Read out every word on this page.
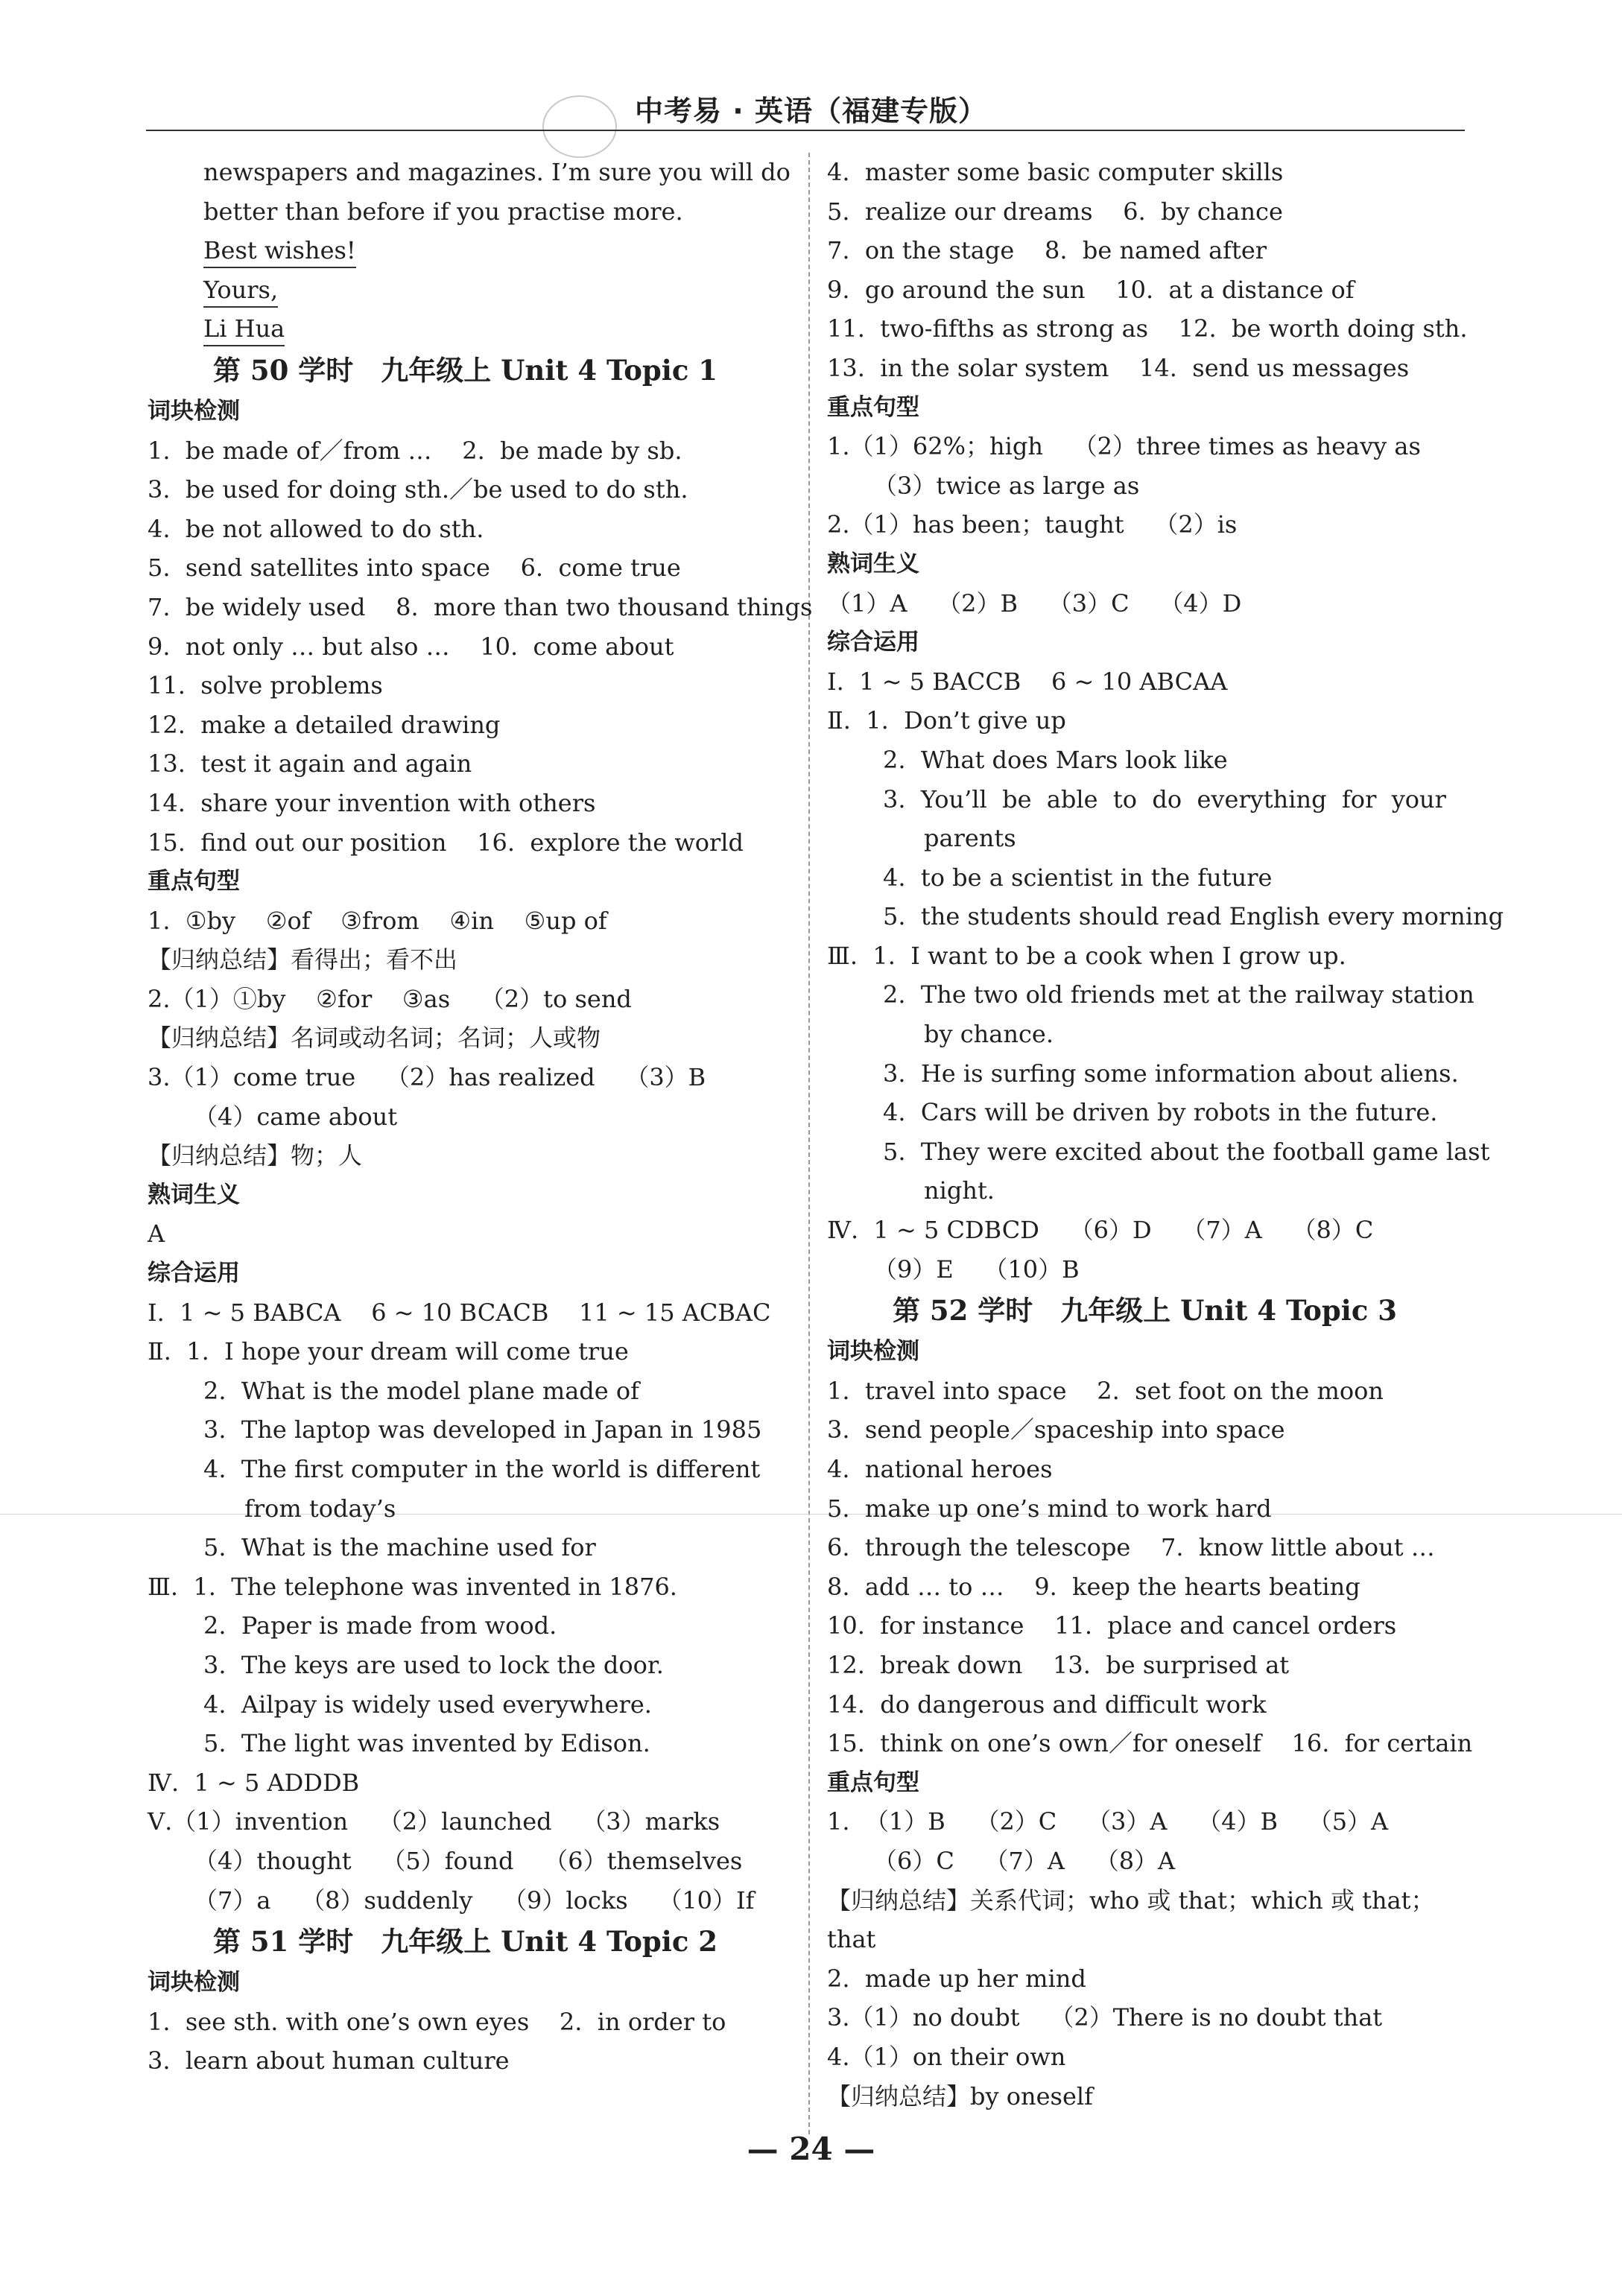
中考易 · 英语（福建专版）
newspapers and magazines. I’m sure you will do
better than before if you practise more.
Best wishes!
Yours,
Li Hua
第 50 学时　九年级上 Unit 4 Topic 1
词块检测
1.  be made of／from …    2.  be made by sb.
3.  be used for doing sth.／be used to do sth.
4.  be not allowed to do sth.
5.  send satellites into space    6.  come true
7.  be widely used    8.  more than two thousand things
9.  not only … but also …    10.  come about
11.  solve problems
12.  make a detailed drawing
13.  test it again and again
14.  share your invention with others
15.  find out our position    16.  explore the world
重点句型
1.  ①by    ②of    ③from    ④in    ⑤up of
【归纳总结】看得出；看不出
2.（1）①by    ②for    ③as    （2）to send
【归纳总结】名词或动名词；名词；人或物
3.（1）come true    （2）has realized    （3）B
（4）came about
【归纳总结】物；人
熟词生义
A
综合运用
Ⅰ.  1 ~ 5 BABCA    6 ~ 10 BCACB    11 ~ 15 ACBAC
Ⅱ.  1.  I hope your dream will come true
2.  What is the model plane made of
3.  The laptop was developed in Japan in 1985
4.  The first computer in the world is different
from today’s
5.  What is the machine used for
Ⅲ.  1.  The telephone was invented in 1876.
2.  Paper is made from wood.
3.  The keys are used to lock the door.
4.  Ailpay is widely used everywhere.
5.  The light was invented by Edison.
Ⅳ.  1 ~ 5 ADDDB
Ⅴ.（1）invention    （2）launched    （3）marks
（4）thought    （5）found    （6）themselves
（7）a    （8）suddenly    （9）locks    （10）If
第 51 学时　九年级上 Unit 4 Topic 2
词块检测
1.  see sth. with one’s own eyes    2.  in order to
3.  learn about human culture
4.  master some basic computer skills
5.  realize our dreams    6.  by chance
7.  on the stage    8.  be named after
9.  go around the sun    10.  at a distance of
11.  two-fifths as strong as    12.  be worth doing sth.
13.  in the solar system    14.  send us messages
重点句型
1.（1）62%；high    （2）three times as heavy as
（3）twice as large as
2.（1）has been；taught    （2）is
熟词生义
（1）A    （2）B    （3）C    （4）D
综合运用
Ⅰ.  1 ~ 5 BACCB    6 ~ 10 ABCAA
Ⅱ.  1.  Don’t give up
2.  What does Mars look like
3.  You’ll  be  able  to  do  everything  for  your
parents
4.  to be a scientist in the future
5.  the students should read English every morning
Ⅲ.  1.  I want to be a cook when I grow up.
2.  The two old friends met at the railway station
by chance.
3.  He is surfing some information about aliens.
4.  Cars will be driven by robots in the future.
5.  They were excited about the football game last
night.
Ⅳ.  1 ~ 5 CDBCD    （6）D    （7）A    （8）C
（9）E    （10）B
第 52 学时　九年级上 Unit 4 Topic 3
词块检测
1.  travel into space    2.  set foot on the moon
3.  send people／spaceship into space
4.  national heroes
5.  make up one’s mind to work hard
6.  through the telescope    7.  know little about …
8.  add … to …    9.  keep the hearts beating
10.  for instance    11.  place and cancel orders
12.  break down    13.  be surprised at
14.  do dangerous and difficult work
15.  think on one’s own／for oneself    16.  for certain
重点句型
1.  （1）B    （2）C    （3）A    （4）B    （5）A
（6）C    （7）A    （8）A
【归纳总结】关系代词；who 或 that；which 或 that；
that
2.  made up her mind
3.（1）no doubt    （2）There is no doubt that
4.（1）on their own
【归纳总结】by oneself
— 24 —
